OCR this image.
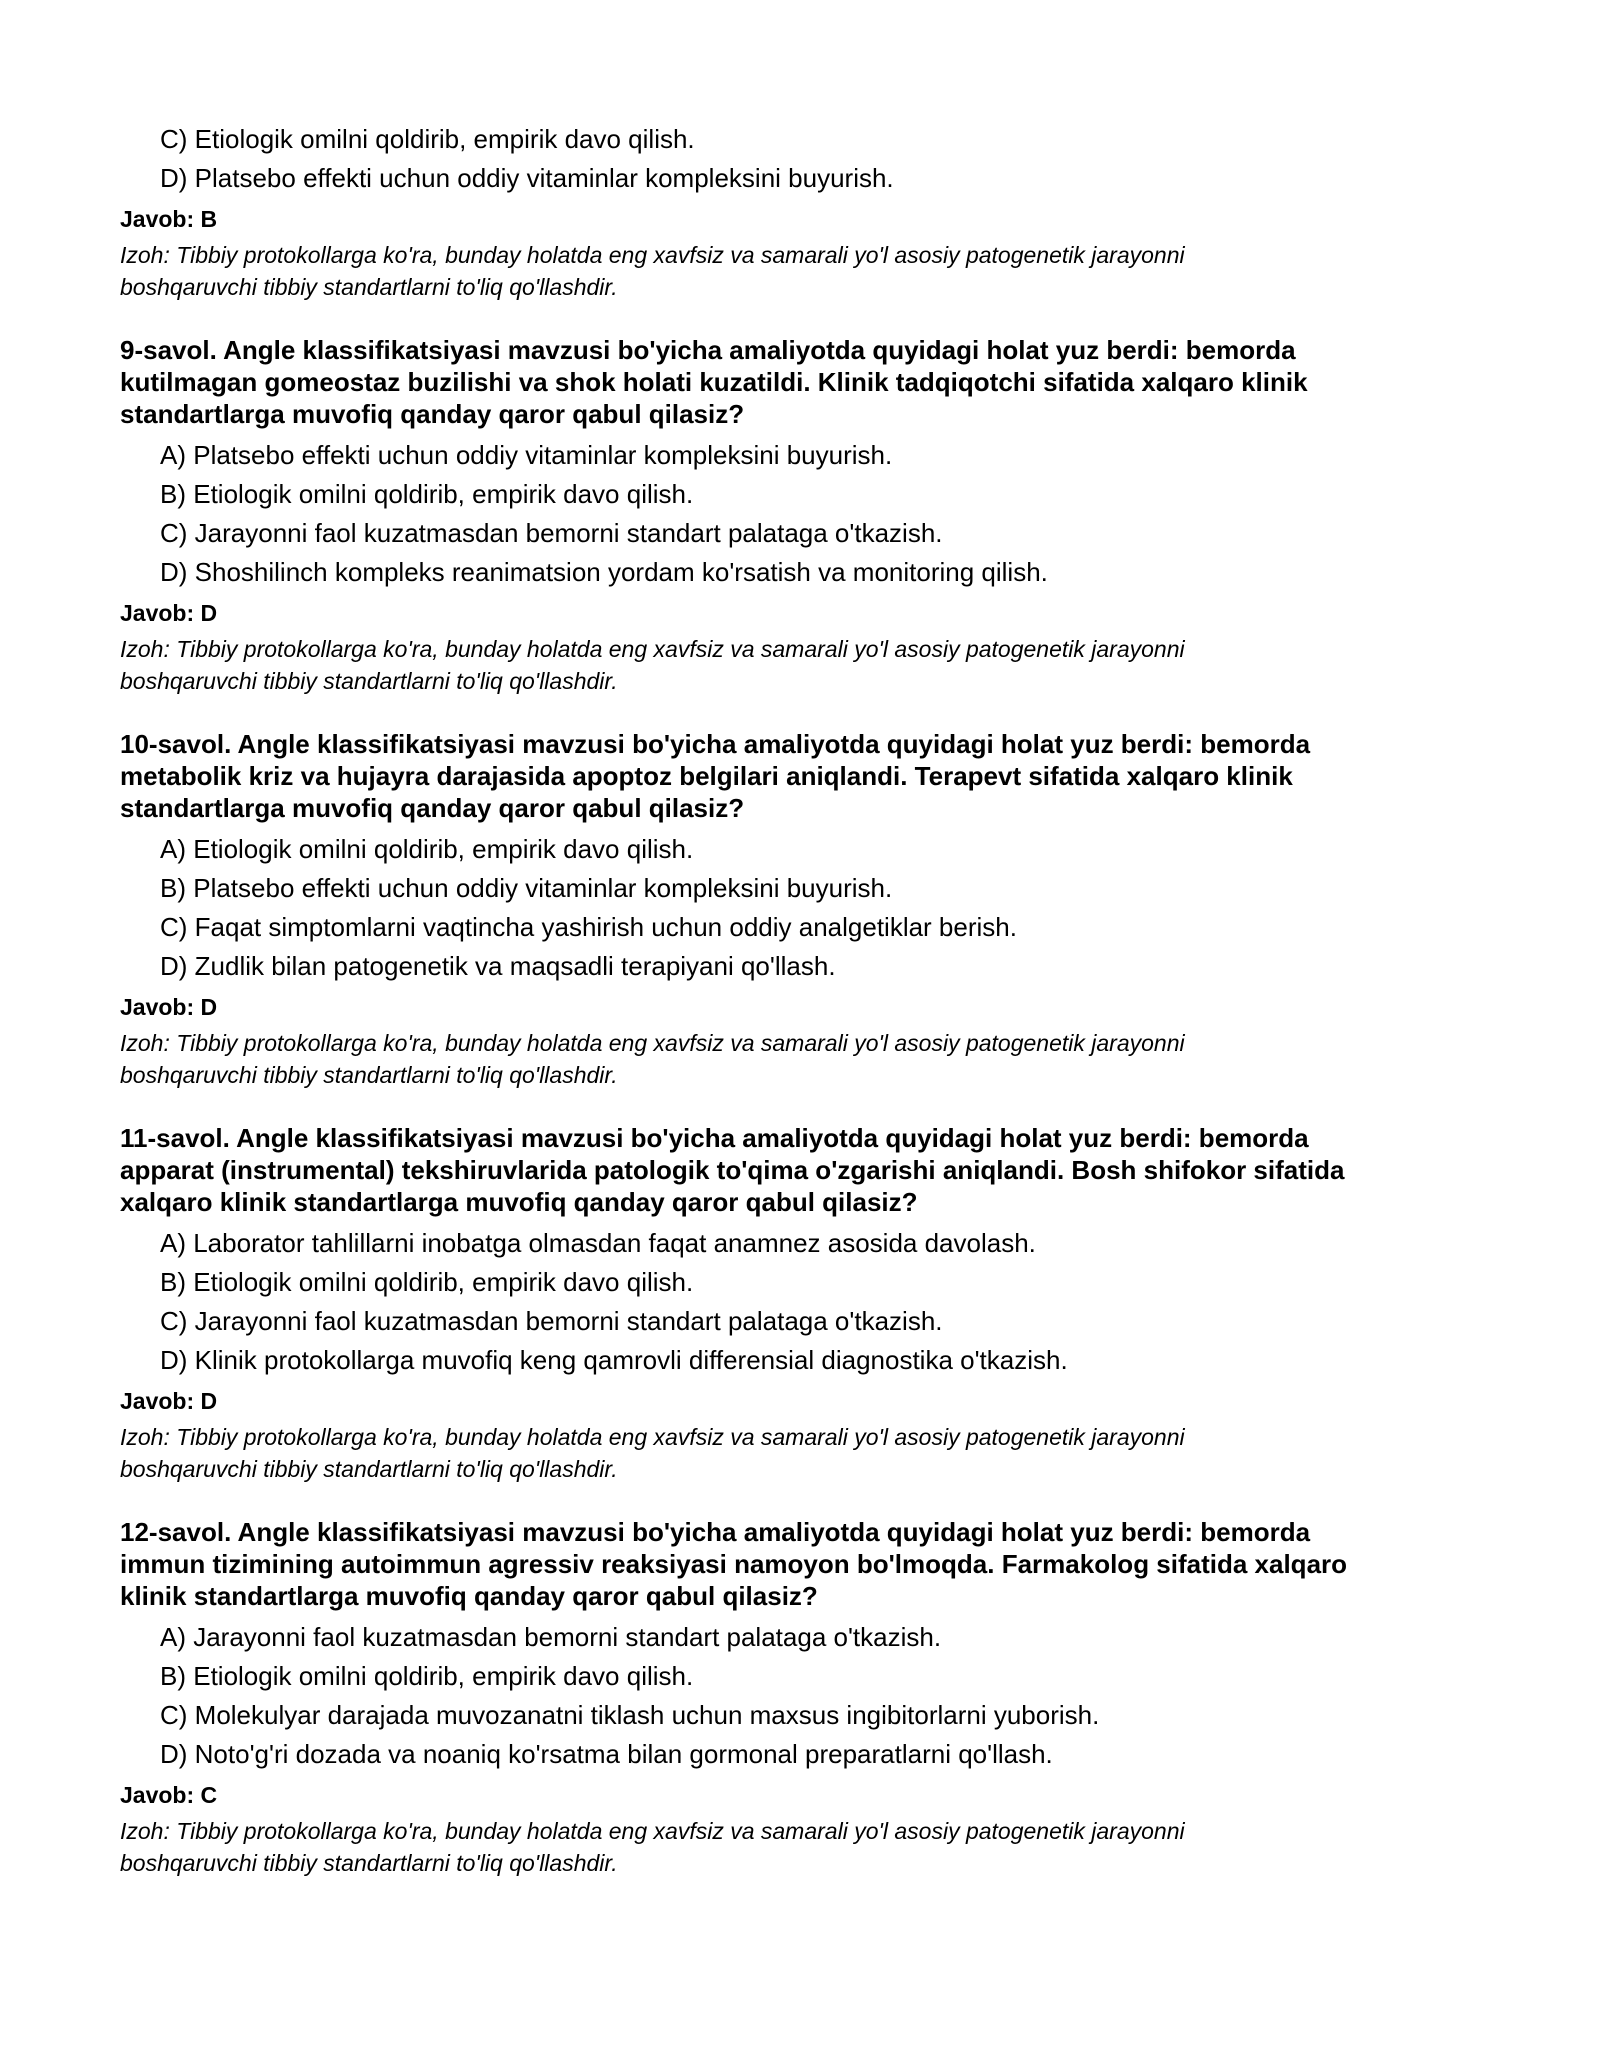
C) Etiologik omilni qoldirib, empirik davo qilish.
D) Platsebo effekti uchun oddiy vitaminlar kompleksini buyurish.
Javob: B
Izoh: Tibbiy protokollarga ko'ra, bunday holatda eng xavfsiz va samarali yo'l asosiy patogenetik jarayonni
boshqaruvchi tibbiy standartlarni to'liq qo'llashdir.
9-savol. Angle klassifikatsiyasi mavzusi bo'yicha amaliyotda quyidagi holat yuz berdi: bemorda
kutilmagan gomeostaz buzilishi va shok holati kuzatildi. Klinik tadqiqotchi sifatida xalqaro klinik
standartlarga muvofiq qanday qaror qabul qilasiz?
A) Platsebo effekti uchun oddiy vitaminlar kompleksini buyurish.
B) Etiologik omilni qoldirib, empirik davo qilish.
C) Jarayonni faol kuzatmasdan bemorni standart palataga o'tkazish.
D) Shoshilinch kompleks reanimatsion yordam ko'rsatish va monitoring qilish.
Javob: D
Izoh: Tibbiy protokollarga ko'ra, bunday holatda eng xavfsiz va samarali yo'l asosiy patogenetik jarayonni
boshqaruvchi tibbiy standartlarni to'liq qo'llashdir.
10-savol. Angle klassifikatsiyasi mavzusi bo'yicha amaliyotda quyidagi holat yuz berdi: bemorda
metabolik kriz va hujayra darajasida apoptoz belgilari aniqlandi. Terapevt sifatida xalqaro klinik
standartlarga muvofiq qanday qaror qabul qilasiz?
A) Etiologik omilni qoldirib, empirik davo qilish.
B) Platsebo effekti uchun oddiy vitaminlar kompleksini buyurish.
C) Faqat simptomlarni vaqtincha yashirish uchun oddiy analgetiklar berish.
D) Zudlik bilan patogenetik va maqsadli terapiyani qo'llash.
Javob: D
Izoh: Tibbiy protokollarga ko'ra, bunday holatda eng xavfsiz va samarali yo'l asosiy patogenetik jarayonni
boshqaruvchi tibbiy standartlarni to'liq qo'llashdir.
11-savol. Angle klassifikatsiyasi mavzusi bo'yicha amaliyotda quyidagi holat yuz berdi: bemorda
apparat (instrumental) tekshiruvlarida patologik to'qima o'zgarishi aniqlandi. Bosh shifokor sifatida
xalqaro klinik standartlarga muvofiq qanday qaror qabul qilasiz?
A) Laborator tahlillarni inobatga olmasdan faqat anamnez asosida davolash.
B) Etiologik omilni qoldirib, empirik davo qilish.
C) Jarayonni faol kuzatmasdan bemorni standart palataga o'tkazish.
D) Klinik protokollarga muvofiq keng qamrovli differensial diagnostika o'tkazish.
Javob: D
Izoh: Tibbiy protokollarga ko'ra, bunday holatda eng xavfsiz va samarali yo'l asosiy patogenetik jarayonni
boshqaruvchi tibbiy standartlarni to'liq qo'llashdir.
12-savol. Angle klassifikatsiyasi mavzusi bo'yicha amaliyotda quyidagi holat yuz berdi: bemorda
immun tizimining autoimmun agressiv reaksiyasi namoyon bo'lmoqda. Farmakolog sifatida xalqaro
klinik standartlarga muvofiq qanday qaror qabul qilasiz?
A) Jarayonni faol kuzatmasdan bemorni standart palataga o'tkazish.
B) Etiologik omilni qoldirib, empirik davo qilish.
C) Molekulyar darajada muvozanatni tiklash uchun maxsus ingibitorlarni yuborish.
D) Noto'g'ri dozada va noaniq ko'rsatma bilan gormonal preparatlarni qo'llash.
Javob: C
Izoh: Tibbiy protokollarga ko'ra, bunday holatda eng xavfsiz va samarali yo'l asosiy patogenetik jarayonni
boshqaruvchi tibbiy standartlarni to'liq qo'llashdir.
